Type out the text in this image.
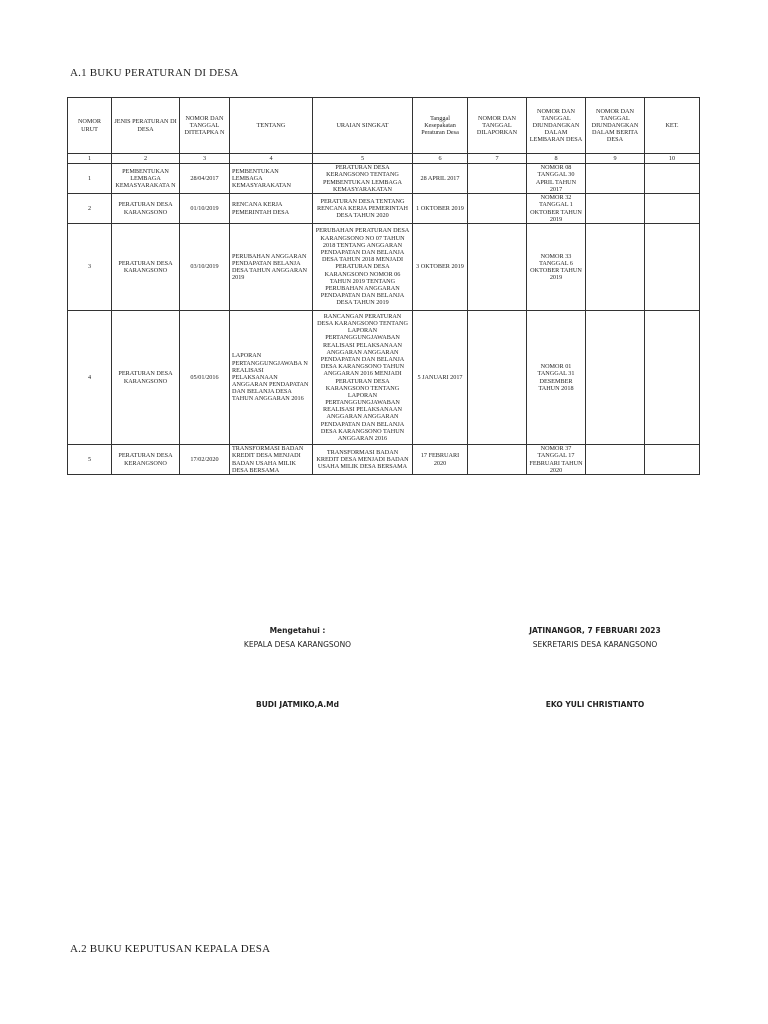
A.1 BUKU PERATURAN DI DESA
NOMOR URUT	JENIS PERATURAN DI DESA	NOMOR DAN TANGGAL DITETAPKA N	TENTANG	URAIAN SINGKAT	Tanggal Kesepakatan Peraturan Desa	NOMOR DAN TANGGAL DILAPORKAN	NOMOR DAN TANGGAL DIUNDANGKAN DALAM LEMBARAN DESA	NOMOR DAN TANGGAL DIUNDANGKAN DALAM BERITA DESA	KET.
1	2	3	4	5	6	7	8	9	10
1	PEMBENTUKAN LEMBAGA KEMASYARAKATA N	28/04/2017	PEMBENTUKAN LEMBAGA KEMASYARAKATAN	PERATURAN DESA KERANGSONO TENTANG PEMBENTUKAN LEMBAGA KEMASYARAKATAN	28 APRIL 2017		NOMOR 08 TANGGAL 30 APRIL TAHUN 2017		
2	PERATURAN DESA KARANGSONO	01/10/2019	RENCANA KERJA PEMERINTAH DESA	PERATURAN DESA TENTANG RENCANA KERJA PEMERINTAH DESA TAHUN 2020	1 OKTOBER 2019		NOMOR 32 TANGGAL 1 OKTOBER TAHUN 2019		
3	PERATURAN DESA KARANGSONO	03/10/2019	PERUBAHAN ANGGARAN PENDAPATAN BELANJA DESA TAHUN ANGGARAN 2019	PERUBAHAN PERATURAN DESA KARANGSONO NO 07 TAHUN
2018 TENTANG ANGGARAN PENDAPATAN DAN BELANJA DESA TAHUN 2018 MENJADI PERATURAN DESA KARANGSONO NOMOR 06 TAHUN 2019 TENTANG PERUBAHAN ANGGARAN PENDAPATAN DAN BELANJA DESA TAHUN 2019	3 OKTOBER 2019		NOMOR 33 TANGGAL 6 OKTOBER TAHUN 2019		
4	PERATURAN DESA KARANGSONO	05/01/2016	LAPORAN PERTANGGUNGJAWABA N REALISASI PELAKSANAAN ANGGARAN PENDAPATAN DAN BELANJA DESA TAHUN ANGGARAN 2016	RANCANGAN PERATURAN DESA KARANGSONO TENTANG LAPORAN PERTANGGUNGJAWABAN REALISASI PELAKSANAAN ANGGARAN ANGGARAN PENDAPATAN DAN BELANJA DESA KARANGSONO TAHUN ANGGARAN 2016 MENJADI PERATURAN DESA KARANGSONO TENTANG LAPORAN PERTANGGUNGJAWABAN REALISASI PELAKSANAAN ANGGARAN ANGGARAN PENDAPATAN DAN BELANJA DESA KARANGSONO TAHUN ANGGARAN 2016	5 JANUARI 2017		NOMOR 01 TANGGAL 31 DESEMBER TAHUN 2018		
5	PERATURAN DESA KERANGSONO	17/02/2020	TRANSFORMASI BADAN KREDIT DESA MENJADI BADAN USAHA MILIK DESA BERSAMA	TRANSFORMASI BADAN KREDIT DESA MENJADI BADAN USAHA MILIK DESA BERSAMA	17 FEBRUARI 2020		NOMOR 37 TANGGAL 17 FEBRUARI TAHUN 2020		
Mengetahui :
KEPALA DESA KARANGSONO
BUDI JATMIKO,A.Md
JATINANGOR, 7 FEBRUARI 2023
SEKRETARIS DESA KARANGSONO
EKO YULI CHRISTIANTO
A.2 BUKU KEPUTUSAN KEPALA DESA
